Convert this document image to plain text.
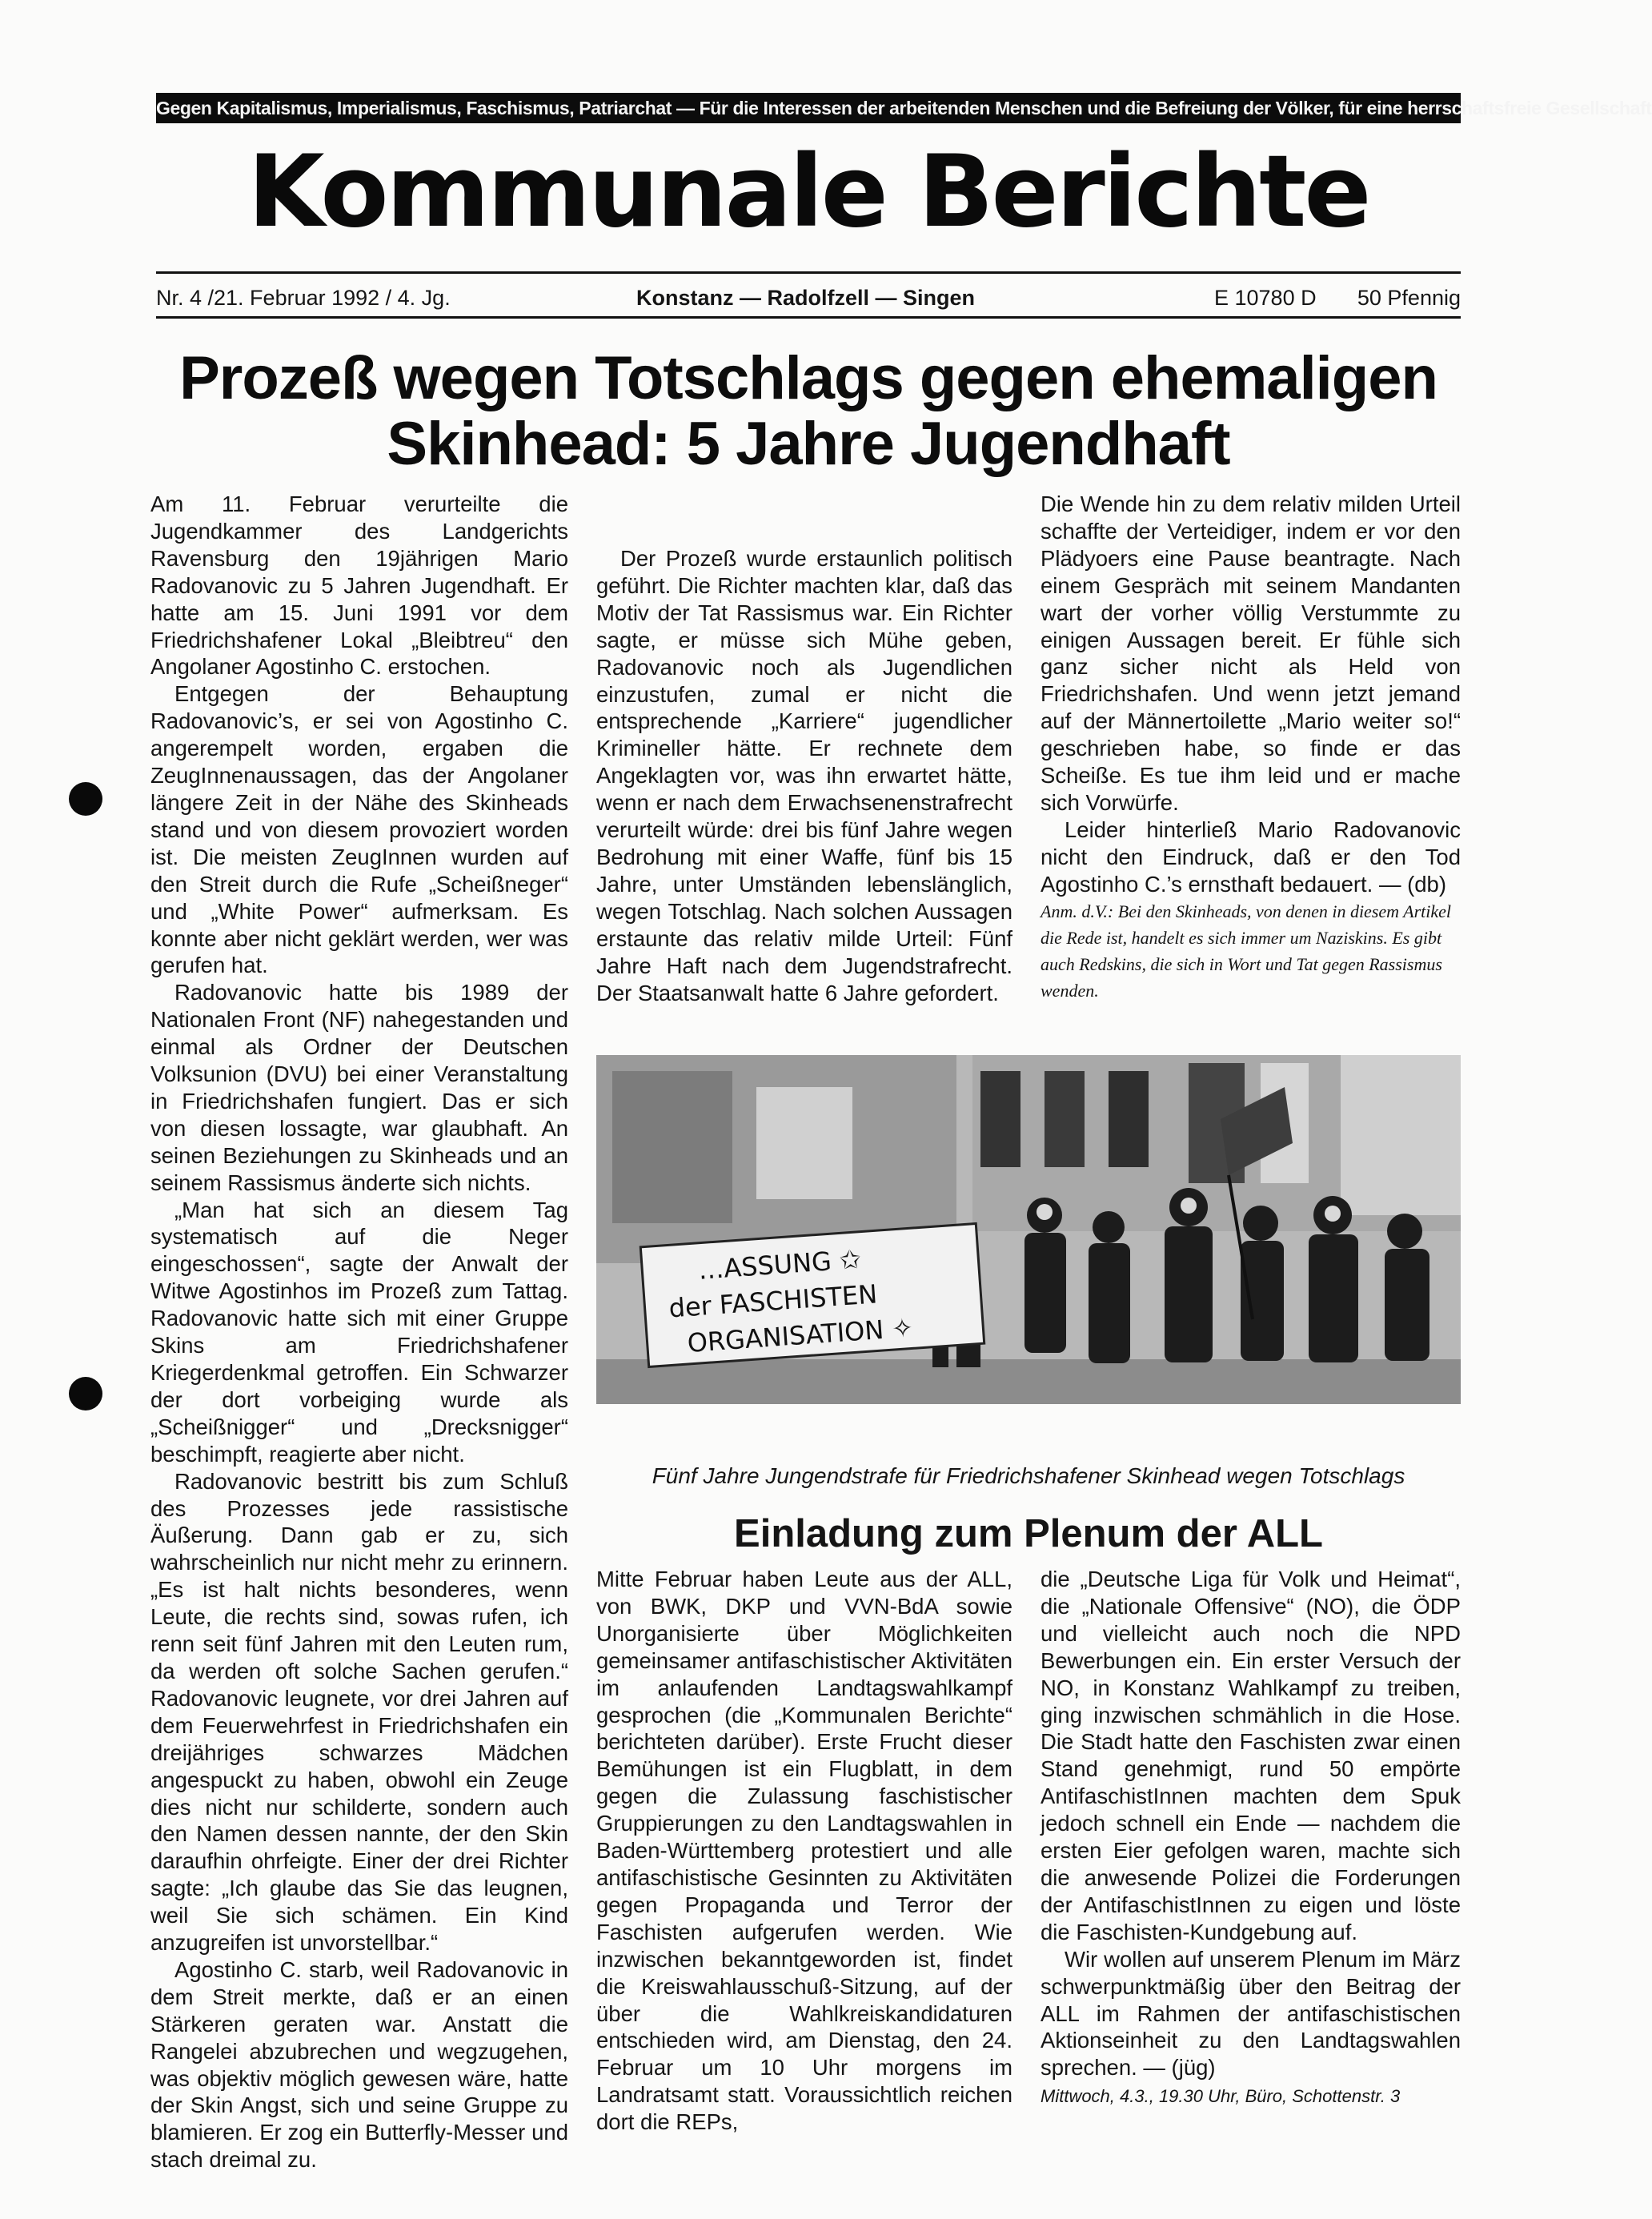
Gegen Kapitalismus, Imperialismus, Faschismus, Patriarchat — Für die Interessen der arbeitenden Menschen und die Befreiung der Völker, für eine herrschaftsfreie Gesellschaft
Kommunale Berichte
Nr. 4 /21. Februar 1992 / 4. Jg.	Konstanz — Radolfzell — Singen	E 10780 D 50 Pfennig
Prozeß wegen Totschlags gegen ehemaligen Skinhead: 5 Jahre Jugendhaft

Am 11. Februar verurteilte die Jugendkammer des Landgerichts Ravensburg den 19jährigen Mario Radovanovic zu 5 Jahren Jugendhaft. Er hatte am 15. Juni 1991 vor dem Friedrichshafener Lokal „Bleibtreu“ den Angolaner Agostinho C. erstochen.

Entgegen der Behauptung Radovanovic’s, er sei von Agostinho C. angerempelt worden, ergaben die ZeugInnenaussagen, das der Angolaner längere Zeit in der Nähe des Skinheads stand und von diesem provoziert worden ist. Die meisten ZeugInnen wurden auf den Streit durch die Rufe „Scheißneger“ und „White Power“ aufmerksam. Es konnte aber nicht geklärt werden, wer was gerufen hat.

Radovanovic hatte bis 1989 der Nationalen Front (NF) nahegestanden und einmal als Ordner der Deutschen Volksunion (DVU) bei einer Veranstaltung in Friedrichshafen fungiert. Das er sich von diesen lossagte, war glaubhaft. An seinen Beziehungen zu Skinheads und an seinem Rassismus änderte sich nichts.

„Man hat sich an diesem Tag systematisch auf die Neger eingeschossen“, sagte der Anwalt der Witwe Agostinhos im Prozeß zum Tattag. Radovanovic hatte sich mit einer Gruppe Skins am Friedrichshafener Kriegerdenkmal getroffen. Ein Schwarzer der dort vorbeiging wurde als „Scheißnigger“ und „Drecksnigger“ beschimpft, reagierte aber nicht.

Radovanovic bestritt bis zum Schluß des Prozesses jede rassistische Äußerung. Dann gab er zu, sich wahrscheinlich nur nicht mehr zu erinnern. „Es ist halt nichts besonderes, wenn Leute, die rechts sind, sowas rufen, ich renn seit fünf Jahren mit den Leuten rum, da werden oft solche Sachen gerufen.“ Radovanovic leugnete, vor drei Jahren auf dem Feuerwehrfest in Friedrichshafen ein dreijähriges schwarzes Mädchen angespuckt zu haben, obwohl ein Zeuge dies nicht nur schilderte, sondern auch den Namen dessen nannte, der den Skin daraufhin ohrfeigte. Einer der drei Richter sagte: „Ich glaube das Sie das leugnen, weil Sie sich schämen. Ein Kind anzugreifen ist unvorstellbar.“

Agostinho C. starb, weil Radovanovic in dem Streit merkte, daß er an einen Stärkeren geraten war. Anstatt die Rangelei abzubrechen und wegzugehen, was objektiv möglich gewesen wäre, hatte der Skin Angst, sich und seine Gruppe zu blamieren. Er zog ein Butterfly-Messer und stach dreimal zu.

Der Prozeß wurde erstaunlich politisch geführt. Die Richter machten klar, daß das Motiv der Tat Rassismus war. Ein Richter sagte, er müsse sich Mühe geben, Radovanovic noch als Jugendlichen einzustufen, zumal er nicht die entsprechende „Karriere“ jugendlicher Krimineller hätte. Er rechnete dem Angeklagten vor, was ihn erwartet hätte, wenn er nach dem Erwachsenenstrafrecht verurteilt würde: drei bis fünf Jahre wegen Bedrohung mit einer Waffe, fünf bis 15 Jahre, unter Umständen lebenslänglich, wegen Totschlag. Nach solchen Aussagen erstaunte das relativ milde Urteil: Fünf Jahre Haft nach dem Jugendstrafrecht. Der Staatsanwalt hatte 6 Jahre gefordert.

Die Wende hin zu dem relativ milden Urteil schaffte der Verteidiger, indem er vor den Plädyoers eine Pause beantragte. Nach einem Gespräch mit seinem Mandanten wart der vorher völlig Verstummte zu einigen Aussagen bereit. Er fühle sich ganz sicher nicht als Held von Friedrichshafen. Und wenn jetzt jemand auf der Männertoilette „Mario weiter so!“ geschrieben habe, so finde er das Scheiße. Es tue ihm leid und er mache sich Vorwürfe.

Leider hinterließ Mario Radovanovic nicht den Eindruck, daß er den Tod Agostinho C.’s ernsthaft bedauert. — (db)

Anm. d.V.: Bei den Skinheads, von denen in diesem Artikel die Rede ist, handelt es sich immer um Naziskins. Es gibt auch Redskins, die sich in Wort und Tat gegen Rassismus wenden.

…ASSUNG ✩
der FASCHISTEN
ORGANISATION ✧
Fünf Jahre Jungendstrafe für Friedrichshafener Skinhead wegen Totschlags
Einladung zum Plenum der ALL

Mitte Februar haben Leute aus der ALL, von BWK, DKP und VVN-BdA sowie Unorganisierte über Möglichkeiten gemeinsamer antifaschistischer Aktivitäten im anlaufenden Landtagswahlkampf gesprochen (die „Kommunalen Berichte“ berichteten darüber). Erste Frucht dieser Bemühungen ist ein Flugblatt, in dem gegen die Zulassung faschistischer Gruppierungen zu den Landtagswahlen in Baden-Württemberg protestiert und alle antifaschistische Gesinnten zu Aktivitäten gegen Propaganda und Terror der Faschisten aufgerufen werden. Wie inzwischen bekanntgeworden ist, findet die Kreiswahlausschuß-Sitzung, auf der über die Wahlkreiskandidaturen entschieden wird, am Dienstag, den 24. Februar um 10 Uhr morgens im Landratsamt statt. Voraussichtlich reichen dort die REPs,

die „Deutsche Liga für Volk und Heimat“, die „Nationale Offensive“ (NO), die ÖDP und vielleicht auch noch die NPD Bewerbungen ein. Ein erster Versuch der NO, in Konstanz Wahlkampf zu treiben, ging inzwischen schmählich in die Hose. Die Stadt hatte den Faschisten zwar einen Stand genehmigt, rund 50 empörte AntifaschistInnen machten dem Spuk jedoch schnell ein Ende — nachdem die ersten Eier gefolgen waren, machte sich die anwesende Polizei die Forderungen der AntifaschistInnen zu eigen und löste die Faschisten-Kundgebung auf.

Wir wollen auf unserem Plenum im März schwerpunktmäßig über den Beitrag der ALL im Rahmen der antifaschistischen Aktionseinheit zu den Landtagswahlen sprechen. — (jüg)

Mittwoch, 4.3., 19.30 Uhr, Büro, Schottenstr. 3
